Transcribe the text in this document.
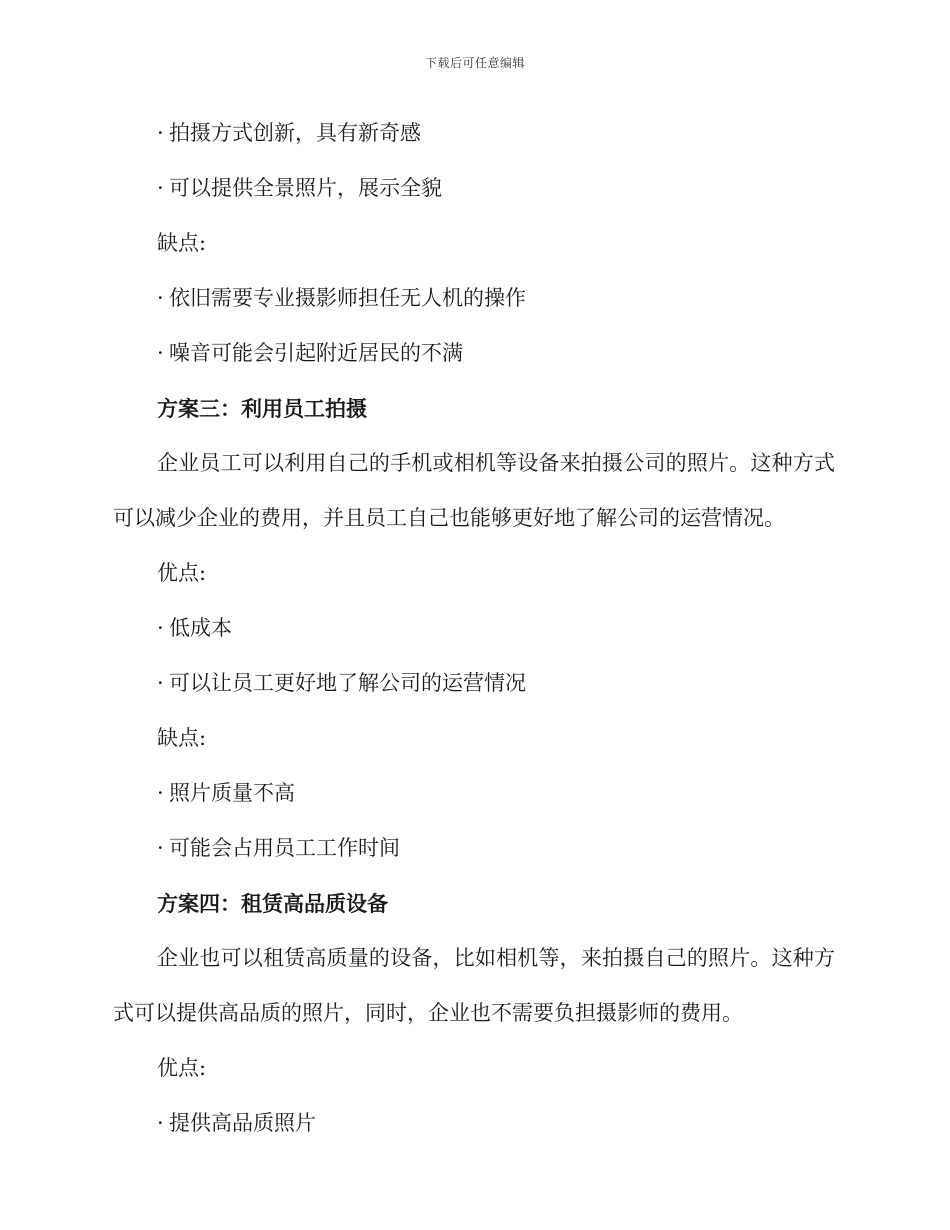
下载后可任意编辑
· 拍摄方式创新，具有新奇感
· 可以提供全景照片，展示全貌
缺点:
· 依旧需要专业摄影师担任无人机的操作
· 噪音可能会引起附近居民的不满
方案三：利用员工拍摄
企业员工可以利用自己的手机或相机等设备来拍摄公司的照片。这种方式可以减少企业的费用，并且员工自己也能够更好地了解公司的运营情况。
优点:
· 低成本
· 可以让员工更好地了解公司的运营情况
缺点:
· 照片质量不高
· 可能会占用员工工作时间
方案四：租赁高品质设备
企业也可以租赁高质量的设备，比如相机等，来拍摄自己的照片。这种方式可以提供高品质的照片，同时，企业也不需要负担摄影师的费用。
优点:
· 提供高品质照片
